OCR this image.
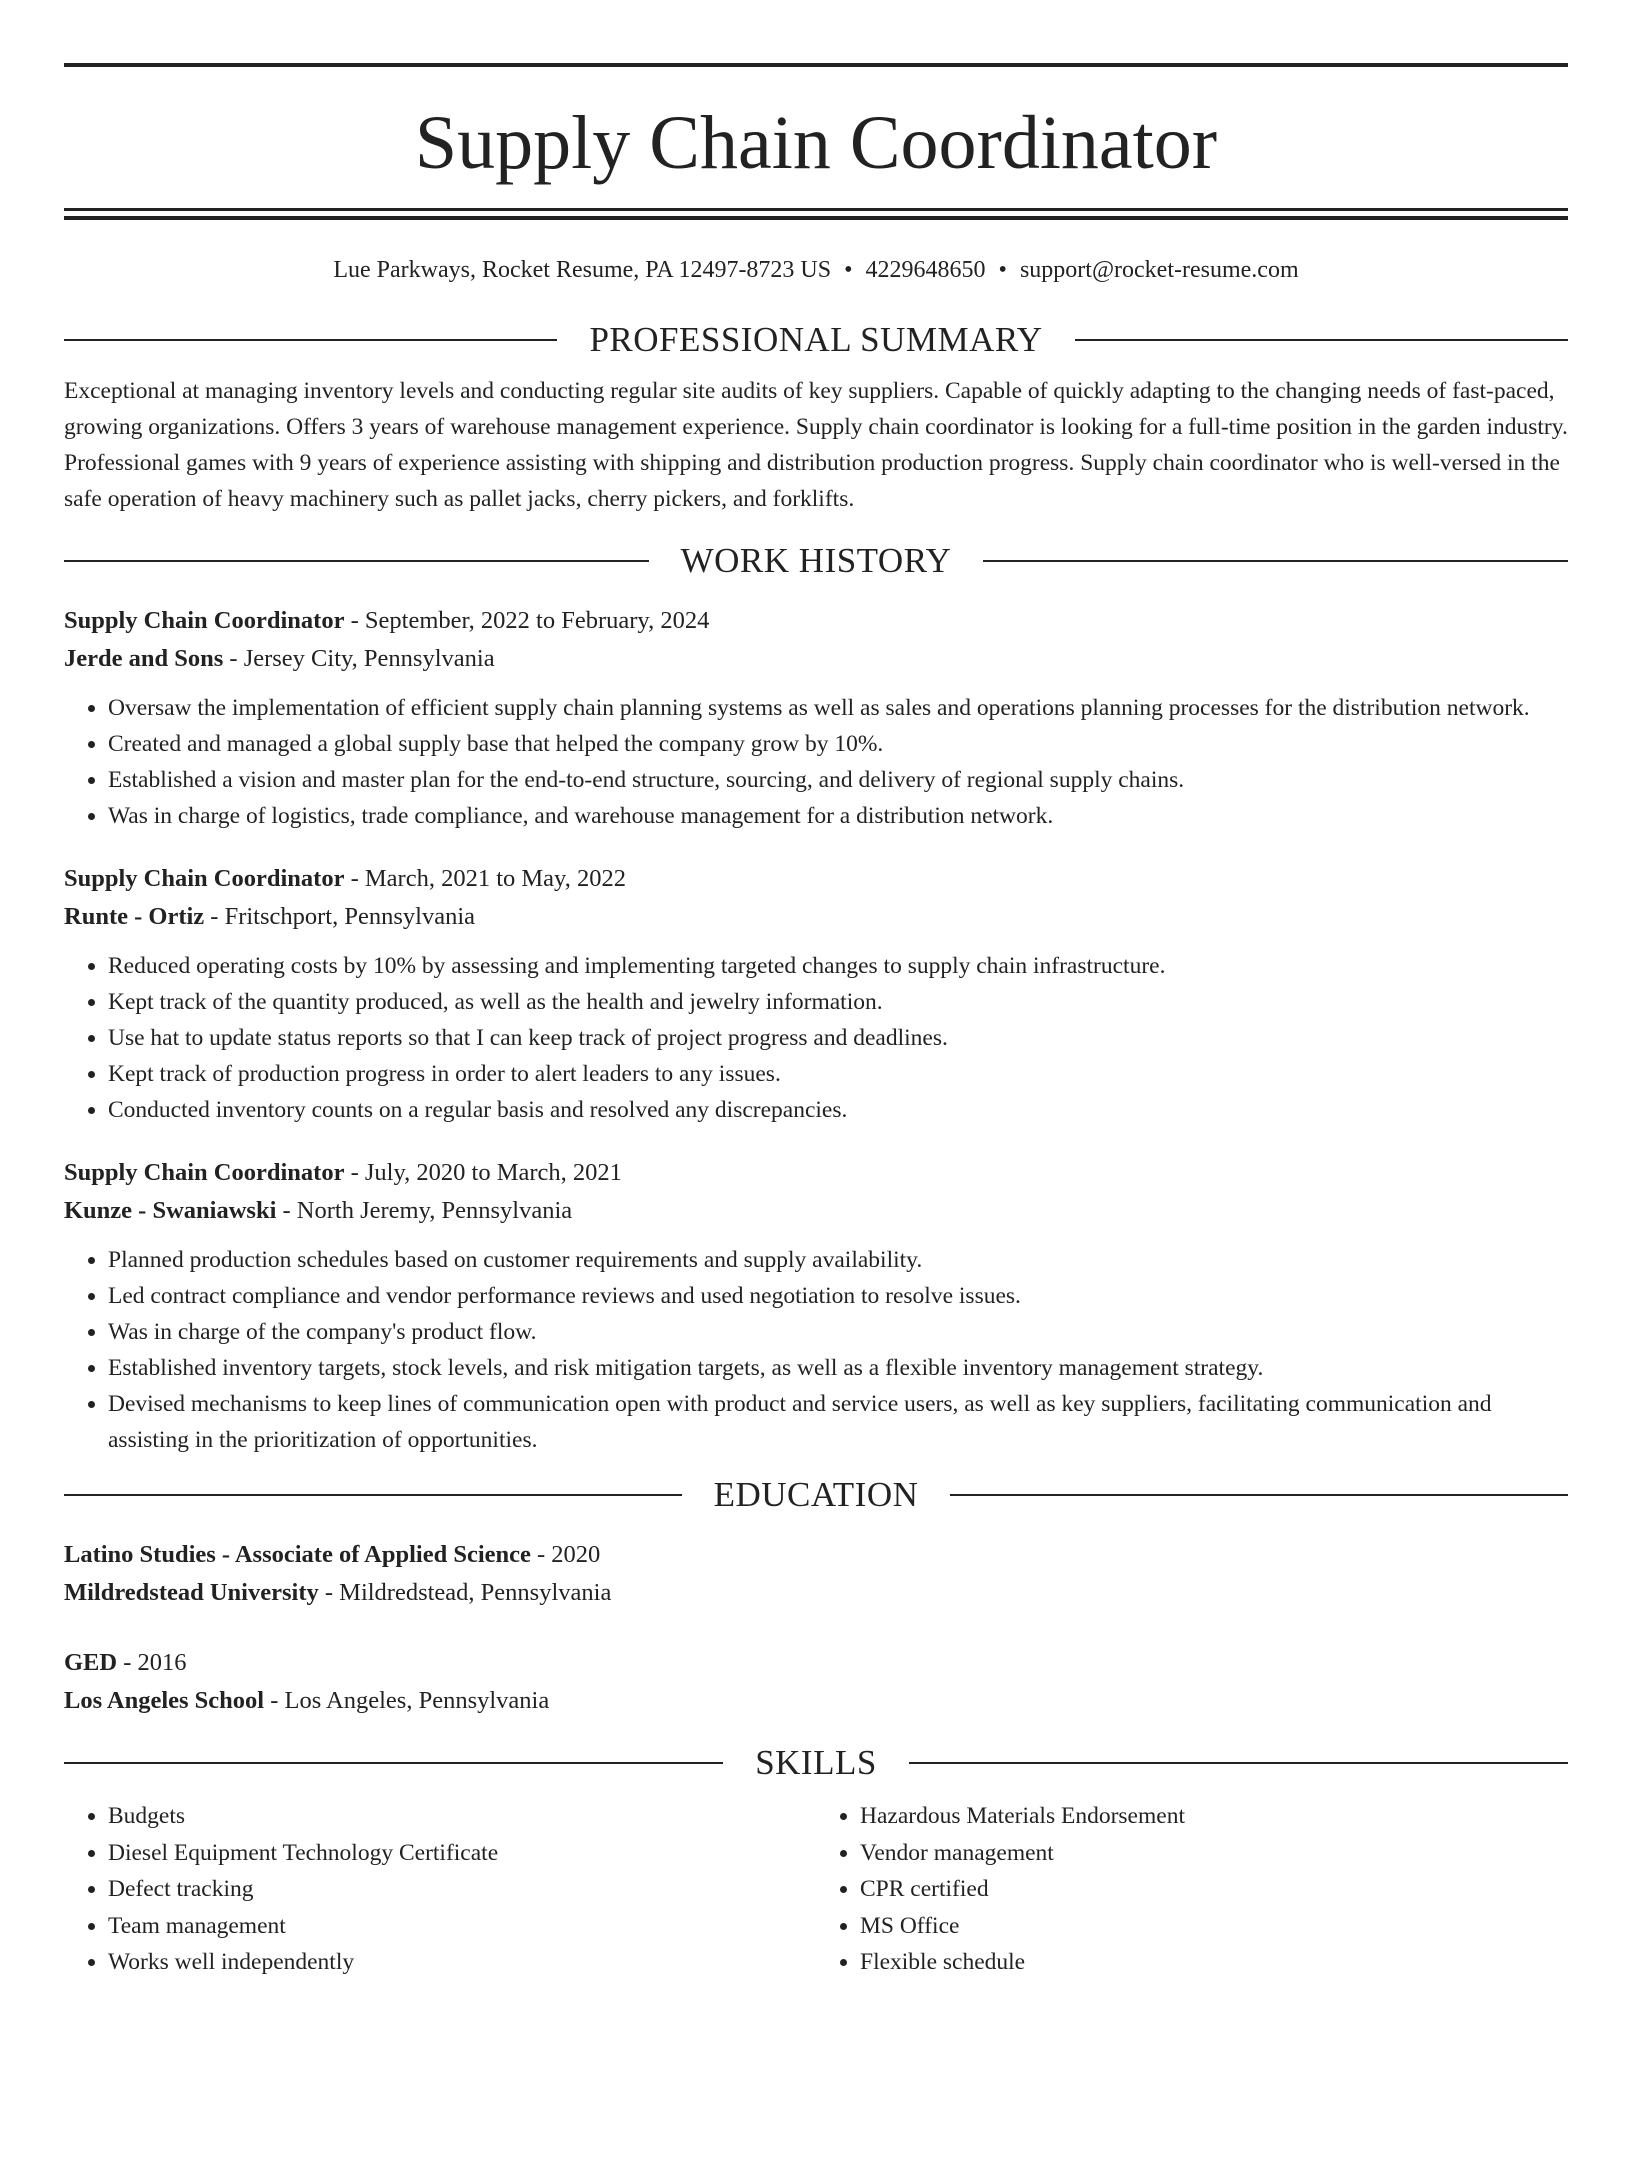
Supply Chain Coordinator
Lue Parkways, Rocket Resume, PA 12497-8723 US • 4229648650 • support@rocket-resume.com
PROFESSIONAL SUMMARY

Exceptional at managing inventory levels and conducting regular site audits of key suppliers. Capable of quickly adapting to the changing needs of fast-paced, growing organizations. Offers 3 years of warehouse management experience. Supply chain coordinator is looking for a full-time position in the garden industry. Professional games with 9 years of experience assisting with shipping and distribution production progress. Supply chain coordinator who is well-versed in the safe operation of heavy machinery such as pallet jacks, cherry pickers, and forklifts.

WORK HISTORY
Supply Chain Coordinator - September, 2022 to February, 2024
Jerde and Sons - Jersey City, Pennsylvania
• Oversaw the implementation of efficient supply chain planning systems as well as sales and operations planning processes for the distribution network.
• Created and managed a global supply base that helped the company grow by 10%.
• Established a vision and master plan for the end-to-end structure, sourcing, and delivery of regional supply chains.
• Was in charge of logistics, trade compliance, and warehouse management for a distribution network.
Supply Chain Coordinator - March, 2021 to May, 2022
Runte - Ortiz - Fritschport, Pennsylvania
• Reduced operating costs by 10% by assessing and implementing targeted changes to supply chain infrastructure.
• Kept track of the quantity produced, as well as the health and jewelry information.
• Use hat to update status reports so that I can keep track of project progress and deadlines.
• Kept track of production progress in order to alert leaders to any issues.
• Conducted inventory counts on a regular basis and resolved any discrepancies.
Supply Chain Coordinator - July, 2020 to March, 2021
Kunze - Swaniawski - North Jeremy, Pennsylvania
• Planned production schedules based on customer requirements and supply availability.
• Led contract compliance and vendor performance reviews and used negotiation to resolve issues.
• Was in charge of the company's product flow.
• Established inventory targets, stock levels, and risk mitigation targets, as well as a flexible inventory management strategy.
• Devised mechanisms to keep lines of communication open with product and service users, as well as key suppliers, facilitating communication and assisting in the prioritization of opportunities.
EDUCATION
Latino Studies - Associate of Applied Science - 2020
Mildredstead University - Mildredstead, Pennsylvania
GED - 2016
Los Angeles School - Los Angeles, Pennsylvania
SKILLS
• Budgets
• Diesel Equipment Technology Certificate
• Defect tracking
• Team management
• Works well independently
• Hazardous Materials Endorsement
• Vendor management
• CPR certified
• MS Office
• Flexible schedule
